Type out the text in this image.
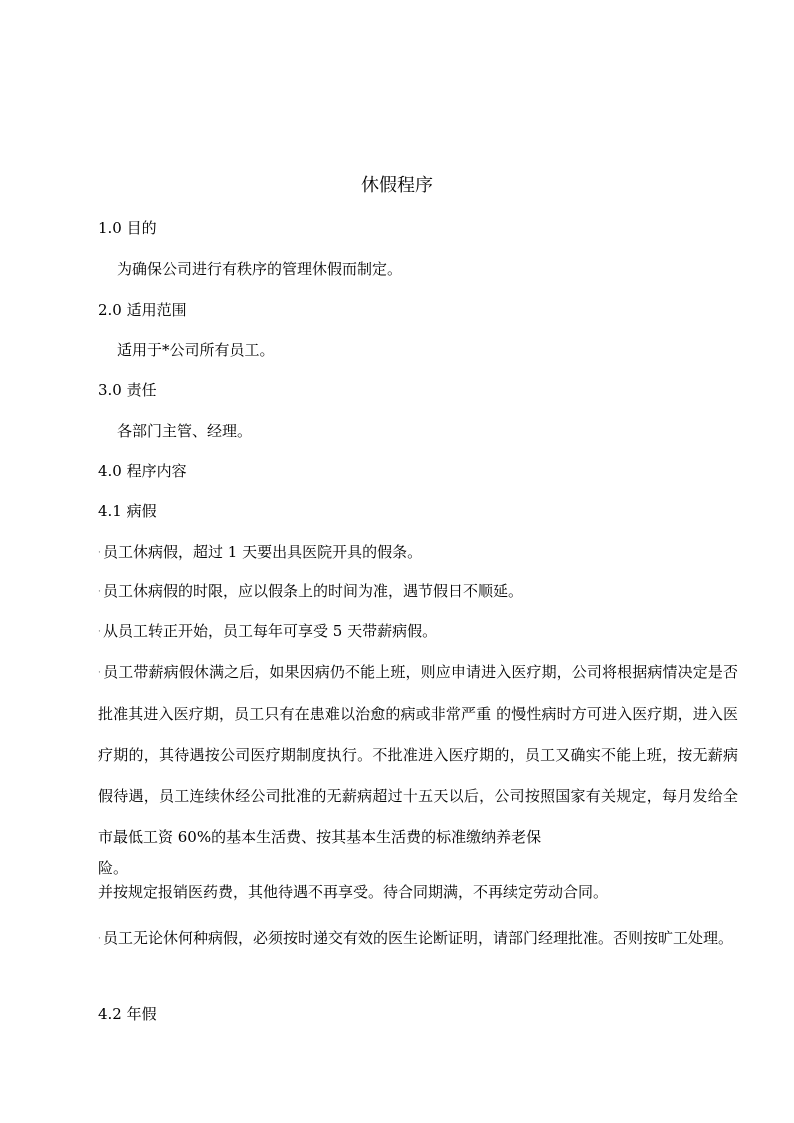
休假程序
1.0 目的
为确保公司进行有秩序的管理休假而制定。
2.0 适用范围
适用于*公司所有员工。
3.0 责任
各部门主管、经理。
4.0 程序内容
4.1 病假
· 员工休病假，超过 1 天要出具医院开具的假条。
· 员工休病假的时限，应以假条上的时间为准，遇节假日不顺延。
· 从员工转正开始，员工每年可享受 5 天带薪病假。
· 员工带薪病假休满之后，如果因病仍不能上班，则应申请进入医疗期，公司将根据病情决定是否批准其进入医疗期，员工只有在患难以治愈的病或非常严重 的慢性病时方可进入医疗期，进入医疗期的，其待遇按公司医疗期制度执行。不批准进入医疗期的，员工又确实不能上班，按无薪病假待遇，员工连续休经公司批准的无薪病超过十五天以后，公司按照国家有关规定，每月发给全市最低工资 60%的基本生活费、按其基本生活费的标准缴纳养老保
险。
并按规定报销医药费，其他待遇不再享受。待合同期满，不再续定劳动合同。
· 员工无论休何种病假，必须按时递交有效的医生论断证明，请部门经理批准。否则按旷工处理。
4.2 年假
